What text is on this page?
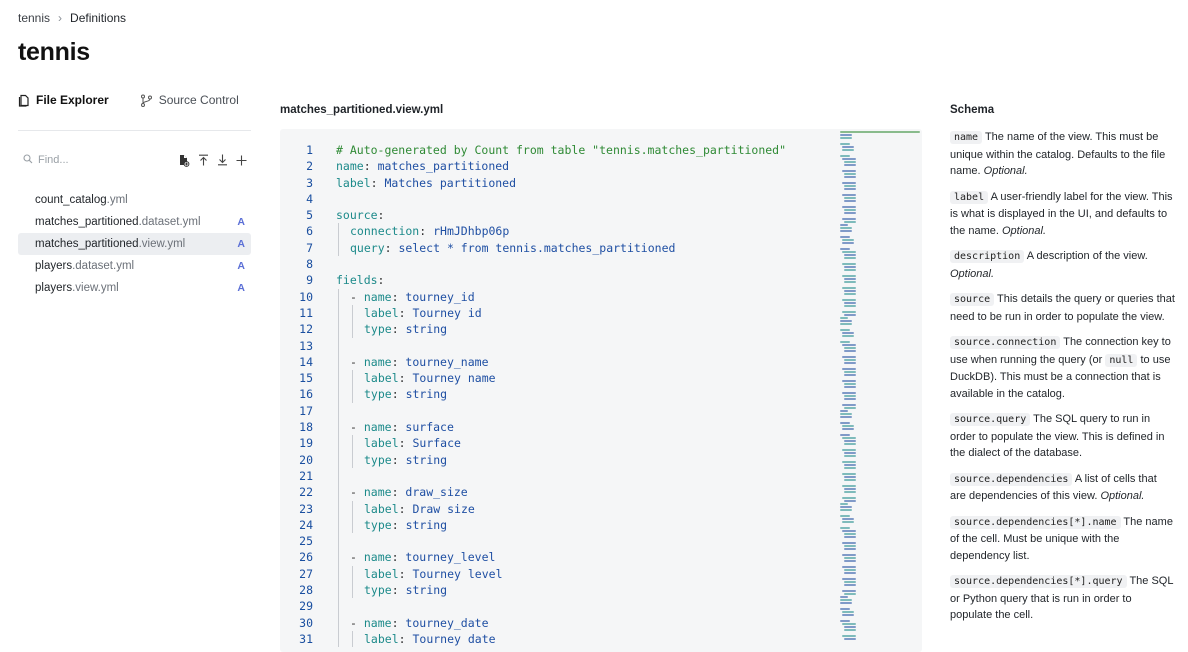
tennis › Definitions
tennis
File Explorer	Source Control
Find...
count_catalog .yml
matches_partitioned .dataset.yml	A
matches_partitioned .view.yml	A
players .dataset.yml	A
players .view.yml	A
matches_partitioned.view.yml
1	# Auto-generated by Count from table "tennis.matches_partitioned"
2	name: matches_partitioned
3	label: Matches partitioned
4
5	source:
6	connection: rHmJDhbp06p
7	query: select * from tennis.matches_partitioned
8
9	fields:
10	- name: tourney_id
11	label: Tourney id
12	type: string
13
14	- name: tourney_name
15	label: Tourney name
16	type: string
17
18	- name: surface
19	label: Surface
20	type: string
21
22	- name: draw_size
23	label: Draw size
24	type: string
25
26	- name: tourney_level
27	label: Tourney level
28	type: string
29
30	- name: tourney_date
31	label: Tourney date
Schema
name The name of the view. This must be unique within the catalog. Defaults to the file name. Optional.
label A user-friendly label for the view. This is what is displayed in the UI, and defaults to the name. Optional.
description A description of the view. Optional.
source This details the query or queries that need to be run in order to populate the view.
source.connection The connection key to use when running the query (or null to use DuckDB). This must be a connection that is available in the catalog.
source.query The SQL query to run in order to populate the view. This is defined in the dialect of the database.
source.dependencies A list of cells that are dependencies of this view. Optional.
source.dependencies[*].name The name of the cell. Must be unique with the dependency list.
source.dependencies[*].query The SQL or Python query that is run in order to populate the cell.
